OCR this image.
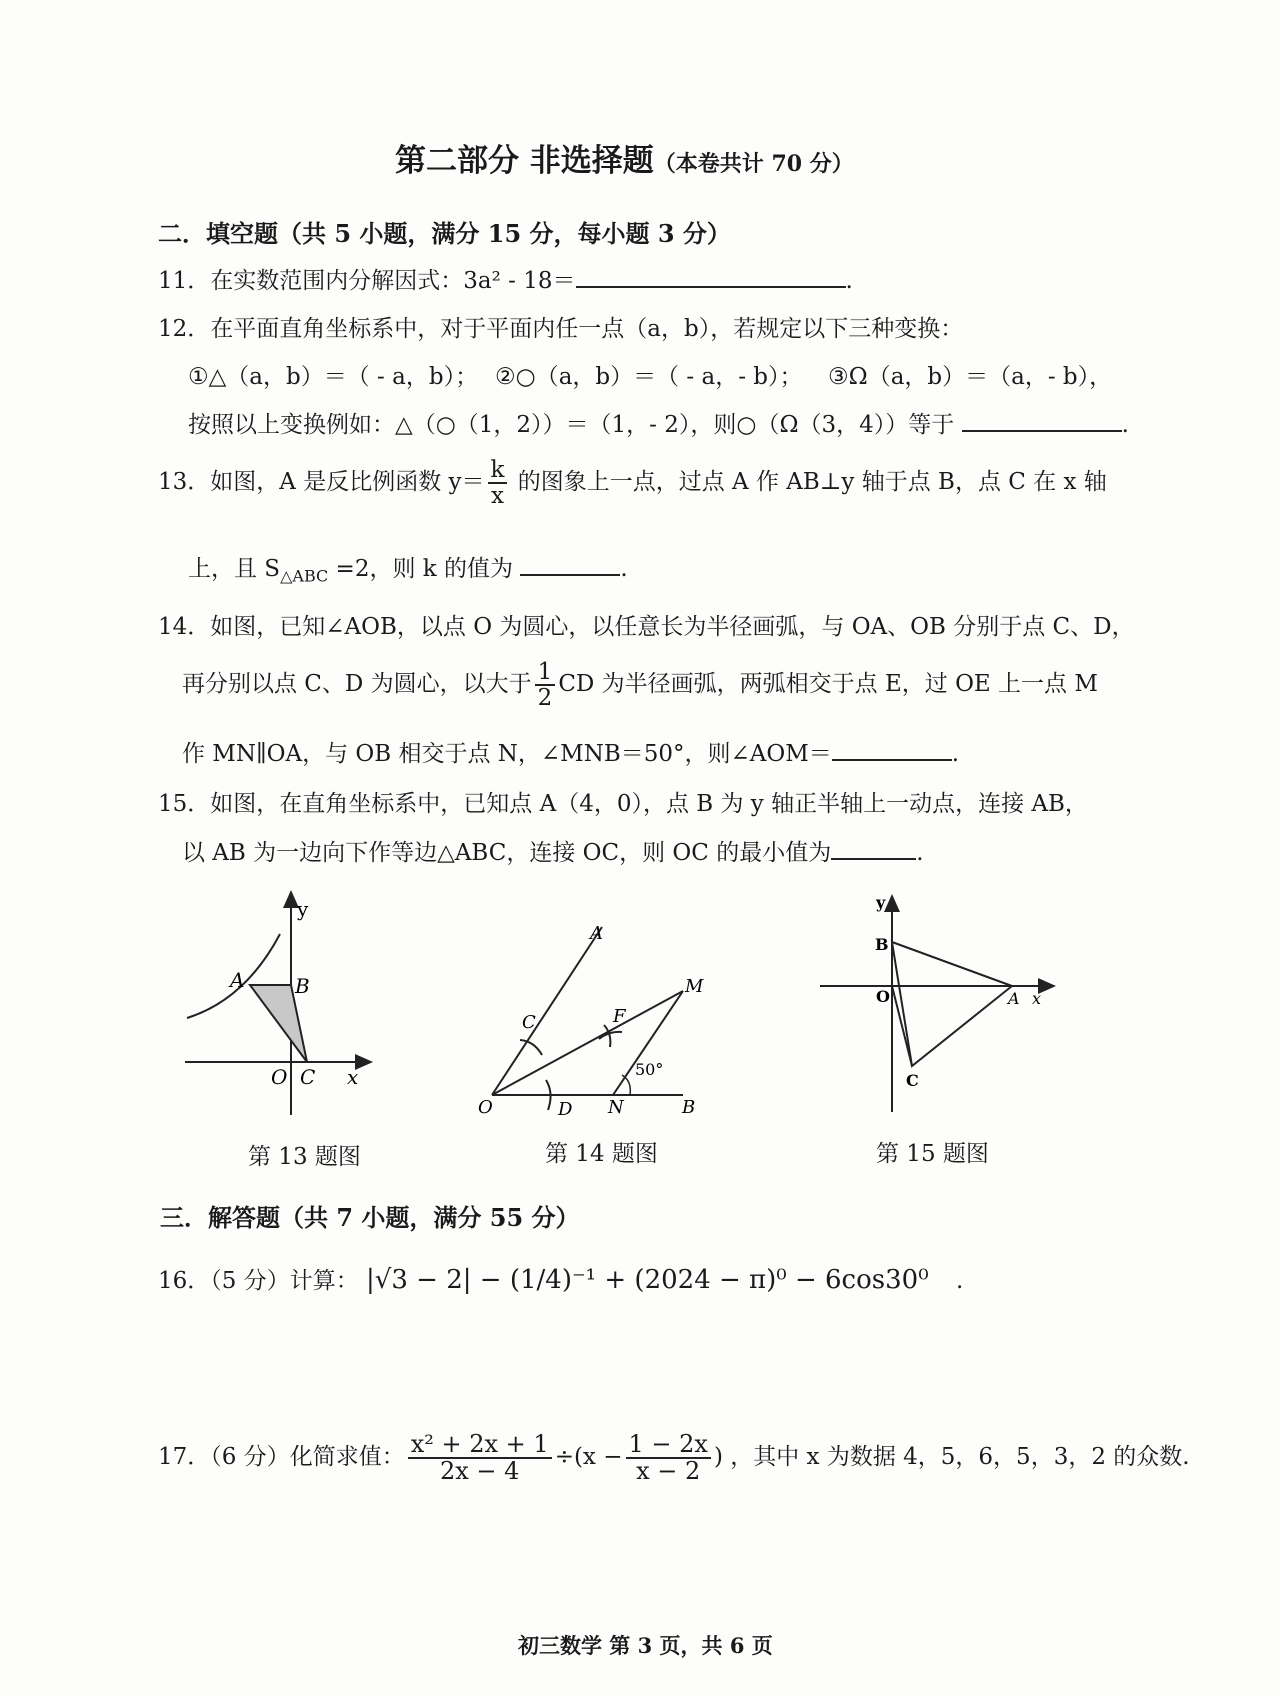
第二部分 非选择题（本卷共计 70 分）
二．填空题（共 5 小题，满分 15 分，每小题 3 分）
11．在实数范围内分解因式：3a² - 18＝	.
12．在平面直角坐标系中，对于平面内任一点（a，b），若规定以下三种变换：
①△（a，b）＝（ - a，b）； ②○（a，b）＝（ - a，- b）； ③Ω（a，b）＝（a，- b），
按照以上变换例如：△（○（1，2））＝（1，- 2），则○（Ω（3，4））等于	.
13．如图，A 是反比例函数 $y= \frac{k}{x}$ 的图象上一点，过点 A 作 AB⊥y 轴于点 B，点 C 在 x 轴
上，且 $S_{\triangle ABC} =2$，则 k 的值为	.
14．如图，已知∠AOB，以点 O 为圆心，以任意长为半径画弧，与 OA、OB 分别于点 C、D，
再分别以点 C、D 为圆心，以大于 $\frac{1}{2}$ CD 为半径画弧，两弧相交于点 E，过 OE 上一点 M
作 MN∥OA，与 OB 相交于点 N，∠MNB＝50°，则∠AOM＝	.
15．如图，在直角坐标系中，已知点 A（4，0），点 B 为 y 轴正半轴上一动点，连接 AB，
以 AB 为一边向下作等边△ABC，连接 OC，则 OC 的最小值为	.
y
x
A	B
O C
第 13 题图
A
C	F
M
O	D N	B
50°
第 14 题图
y
B
O	A x
C
第 15 题图
三．解答题（共 7 小题，满分 55 分）
16．（5 分）计算： |√3 − 2| − (1/4)⁻¹ + (2024 − π)⁰ − 6cos30⁰ .
17．（6 分）化简求值： $\frac{\text{x² + 2x + 1}}{2x - 4} \div(x - \frac{1 - 2x}{x - 2}$ ) ，其中 x 为数据 4，5，6，5，3，2 的众数.
初三数学 第 3 页，共 6 页
